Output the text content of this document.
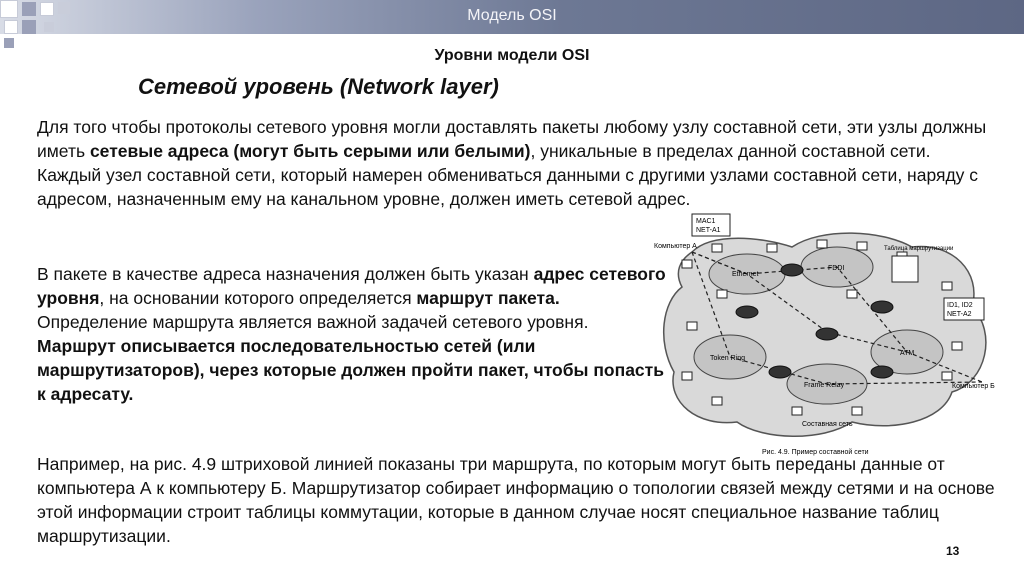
Модель OSI
Уровни модели OSI
Сетевой уровень (Network layer)

Для того чтобы протоколы сетевого уровня могли доставлять пакеты любому узлу составной сети, эти узлы должны иметь сетевые адреса (могут быть серыми или белыми), уникальные в пределах данной составной сети. Каждый узел составной сети, который намерен обмениваться данными с другими узлами составной сети, наряду с адресом, назначенным ему на канальном уровне, должен иметь сетевой адрес.

В пакете в качестве адреса назначения должен быть указан адрес сетевого уровня, на основании которого определяется маршрут пакета. Определение маршрута является важной задачей сетевого уровня. Маршрут описывается последовательностью сетей (или маршрутизаторов), через которые должен пройти пакет, чтобы попасть к адресату.

Например, на рис. 4.9 штриховой линией показаны три маршрута, по которым могут быть переданы данные от компьютера А к компьютеру Б. Маршрутизатор собирает информацию о топологии связей между сетями и на основе этой информации строит таблицы коммутации, которые в данном случае носят специальное название таблиц маршрутизации.

MAC1
NET-A1
Компьютер А	Таблица маршрутизации
Ethernet
FDDI
ID1, ID2
NET-A2
Token Ring
ATM
Frame Relay	Компьютер Б
Составная сеть
Рис. 4.9. Пример составной сети
13
